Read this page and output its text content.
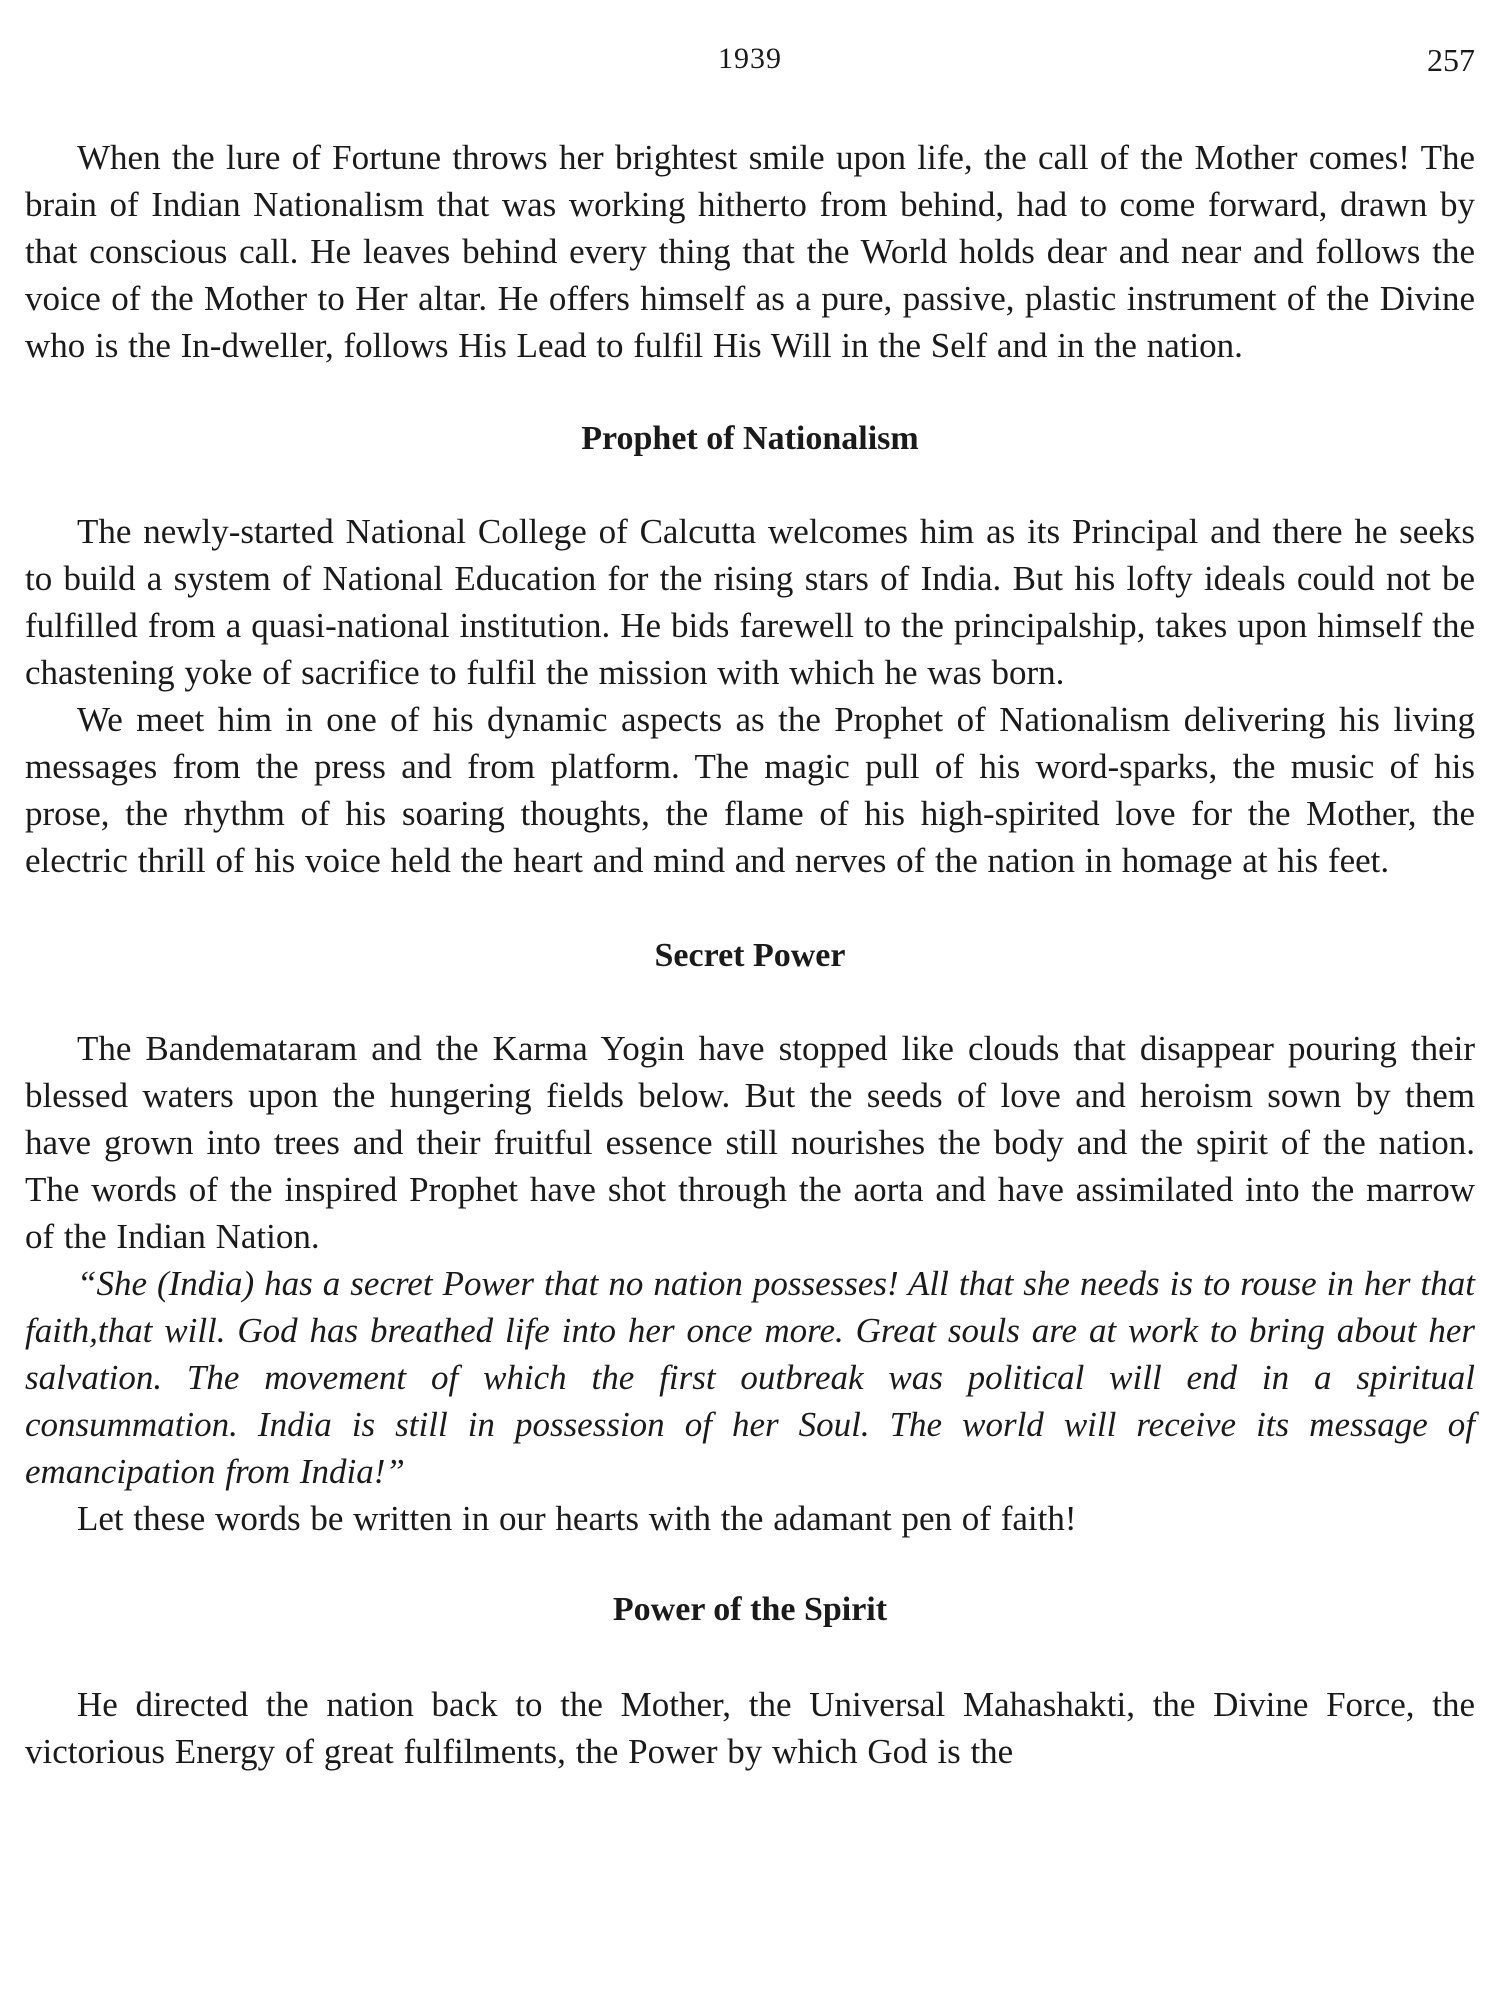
1939	257

When the lure of Fortune throws her brightest smile upon life, the call of the Mother comes! The brain of Indian Nationalism that was working hitherto from behind, had to come forward, drawn by that conscious call. He leaves behind every thing that the World holds dear and near and follows the voice of the Mother to Her altar. He offers himself as a pure, passive, plastic instrument of the Divine who is the In-dweller, follows His Lead to fulfil His Will in the Self and in the nation.

Prophet of Nationalism

The newly-started National College of Calcutta welcomes him as its Principal and there he seeks to build a system of National Education for the rising stars of India. But his lofty ideals could not be fulfilled from a quasi-national institution. He bids farewell to the principalship, takes upon himself the chastening yoke of sacrifice to fulfil the mission with which he was born.

We meet him in one of his dynamic aspects as the Prophet of Nationalism delivering his living messages from the press and from platform. The magic pull of his word-sparks, the music of his prose, the rhythm of his soaring thoughts, the flame of his high-spirited love for the Mother, the electric thrill of his voice held the heart and mind and nerves of the nation in homage at his feet.

Secret Power

The Bandemataram and the Karma Yogin have stopped like clouds that disappear pouring their blessed waters upon the hungering fields below. But the seeds of love and heroism sown by them have grown into trees and their fruitful essence still nourishes the body and the spirit of the nation. The words of the inspired Prophet have shot through the aorta and have assimilated into the marrow of the Indian Nation.

“She (India) has a secret Power that no nation possesses! All that she needs is to rouse in her that faith,that will. God has breathed life into her once more. Great souls are at work to bring about her salvation. The movement of which the first outbreak was political will end in a spiritual consummation. India is still in possession of her Soul. The world will receive its message of emancipation from India!”

Let these words be written in our hearts with the adamant pen of faith!

Power of the Spirit

He directed the nation back to the Mother, the Universal Mahashakti, the Divine Force, the victorious Energy of great fulfilments, the Power by which God is the
